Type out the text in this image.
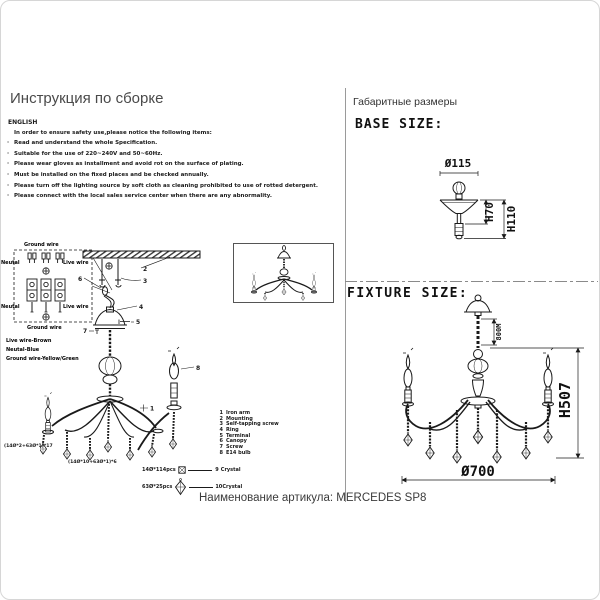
Инструкция по сборке
ENGLISH
In order to ensure safety use,please notice the following items:
· Read and understand the whole Specification.
· Suitable for the use of 220~240V and 50~60Hz.
· Please wear gloves as installment and avoid rot on the surface of plating.
· Must be installed on the fixed places and be checked annually.
· Please turn off the lighting source by soft cloth as cleaning prohibited to use of rotted detergent.
· Please connect with the local sales service center when there are any abnormality.
Ground wire
Neutal	Live wire
Neutal	Live wire
Ground wire
Live wire-Brown
Neutal-Blue
Ground wire-Yellow/Green
2
3
6
4
5
7
8
1
(14Ø*2+63Ø*1)*17
(14Ø*10+63Ø*1)*6
1 Iron arm
2 Mounting
3 Self-tapping screw
4 Ring
5 Terminal
6 Canopy
7 Screw
8 E14 bulb
14Ø*114pcs	9 Crystal
63Ø*25pcs	10 Crystal
Габаритные размеры
BASE SIZE:
Ø115
H70 H110
FIXTURE SIZE:
800M
H507
Ø700
Наименование артикула: MERCEDES SP8
